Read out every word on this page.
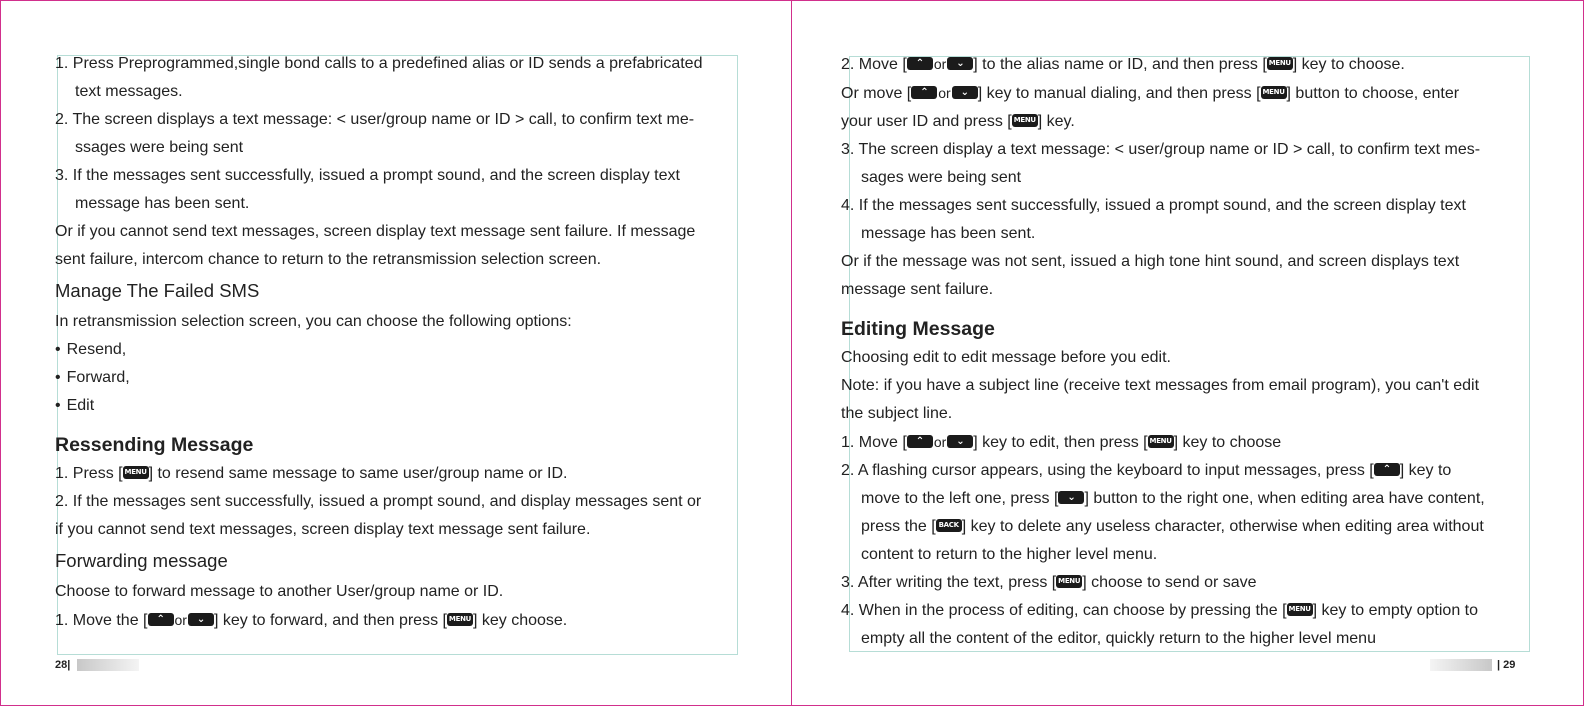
1. Press Preprogrammed,single bond calls to a predefined alias or ID sends a prefabricated
text messages.
2. The screen displays a text message: < user/group name or ID > call, to confirm text me-
ssages were being sent
3. If the messages sent successfully, issued a prompt sound, and the screen display text
message has been sent.
Or if you cannot send text messages, screen display text message sent failure. If message
sent failure, intercom chance to return to the retransmission selection screen.
Manage The Failed SMS
In retransmission selection screen, you can choose the following options:
• Resend,
• Forward,
• Edit
Ressending Message
1. Press [ MENU ] to resend same message to same user/group name or ID.
2. If the messages sent successfully, issued a prompt sound, and display messages sent or
if you cannot send text messages, screen display text message sent failure.
Forwarding message
Choose to forward message to another User/group name or ID.
1. Move the [ ⌃ or ⌄ ] key to forward, and then press [ MENU ] key choose.
28|
2. Move [ ⌃ or ⌄ ] to the alias name or ID, and then press [ MENU ] key to choose.
Or move [ ⌃ or ⌄ ] key to manual dialing, and then press [ MENU ] button to choose, enter
your user ID and press [ MENU ] key.
3. The screen display a text message: < user/group name or ID > call, to confirm text mes-
sages were being sent
4. If the messages sent successfully, issued a prompt sound, and the screen display text
message has been sent.
Or if the message was not sent, issued a high tone hint sound, and screen displays text
message sent failure.
Editing Message
Choosing edit to edit message before you edit.
Note: if you have a subject line (receive text messages from email program), you can't edit
the subject line.
1. Move [ ⌃ or ⌄ ] key to edit, then press [ MENU ] key to choose
2. A flashing cursor appears, using the keyboard to input messages, press [ ⌃ ] key to
move to the left one, press [ ⌄ ] button to the right one, when editing area have content,
press the [ BACK ] key to delete any useless character, otherwise when editing area without
content to return to the higher level menu.
3. After writing the text, press [ MENU ] choose to send or save
4. When in the process of editing, can choose by pressing the [ MENU ] key to empty option to
empty all the content of the editor, quickly return to the higher level menu
| 29
